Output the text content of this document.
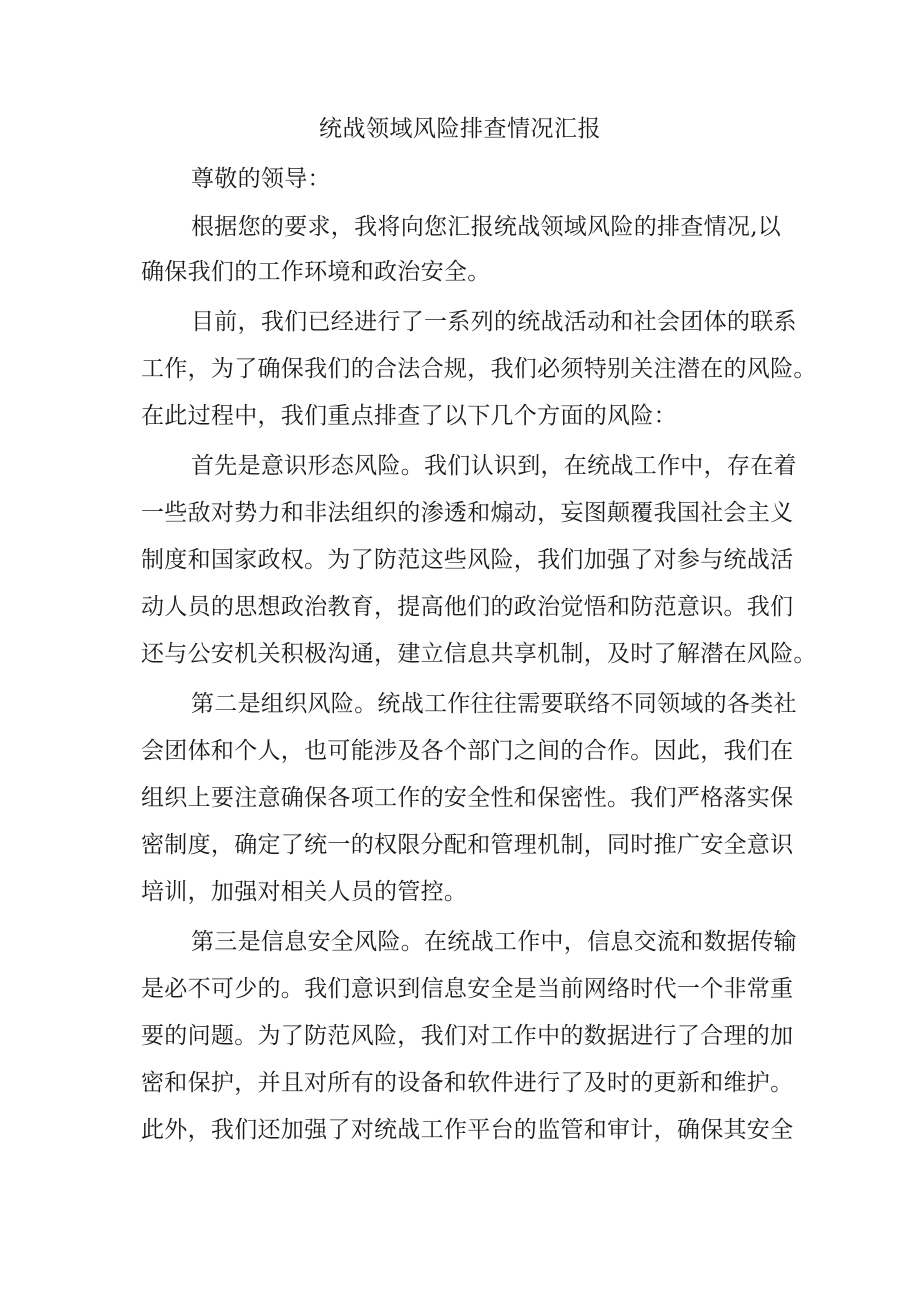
统战领域风险排查情况汇报
尊敬的领导：
根据您的要求，我将向您汇报统战领域风险的排查情况,以
确保我们的工作环境和政治安全。
目前，我们已经进行了一系列的统战活动和社会团体的联系
工作，为了确保我们的合法合规，我们必须特别关注潜在的风险。
在此过程中，我们重点排查了以下几个方面的风险：
首先是意识形态风险。我们认识到，在统战工作中，存在着
一些敌对势力和非法组织的渗透和煽动，妄图颠覆我国社会主义
制度和国家政权。为了防范这些风险，我们加强了对参与统战活
动人员的思想政治教育，提高他们的政治觉悟和防范意识。我们
还与公安机关积极沟通，建立信息共享机制，及时了解潜在风险。
第二是组织风险。统战工作往往需要联络不同领域的各类社
会团体和个人，也可能涉及各个部门之间的合作。因此，我们在
组织上要注意确保各项工作的安全性和保密性。我们严格落实保
密制度，确定了统一的权限分配和管理机制，同时推广安全意识
培训，加强对相关人员的管控。
第三是信息安全风险。在统战工作中，信息交流和数据传输
是必不可少的。我们意识到信息安全是当前网络时代一个非常重
要的问题。为了防范风险，我们对工作中的数据进行了合理的加
密和保护，并且对所有的设备和软件进行了及时的更新和维护。
此外，我们还加强了对统战工作平台的监管和审计，确保其安全
